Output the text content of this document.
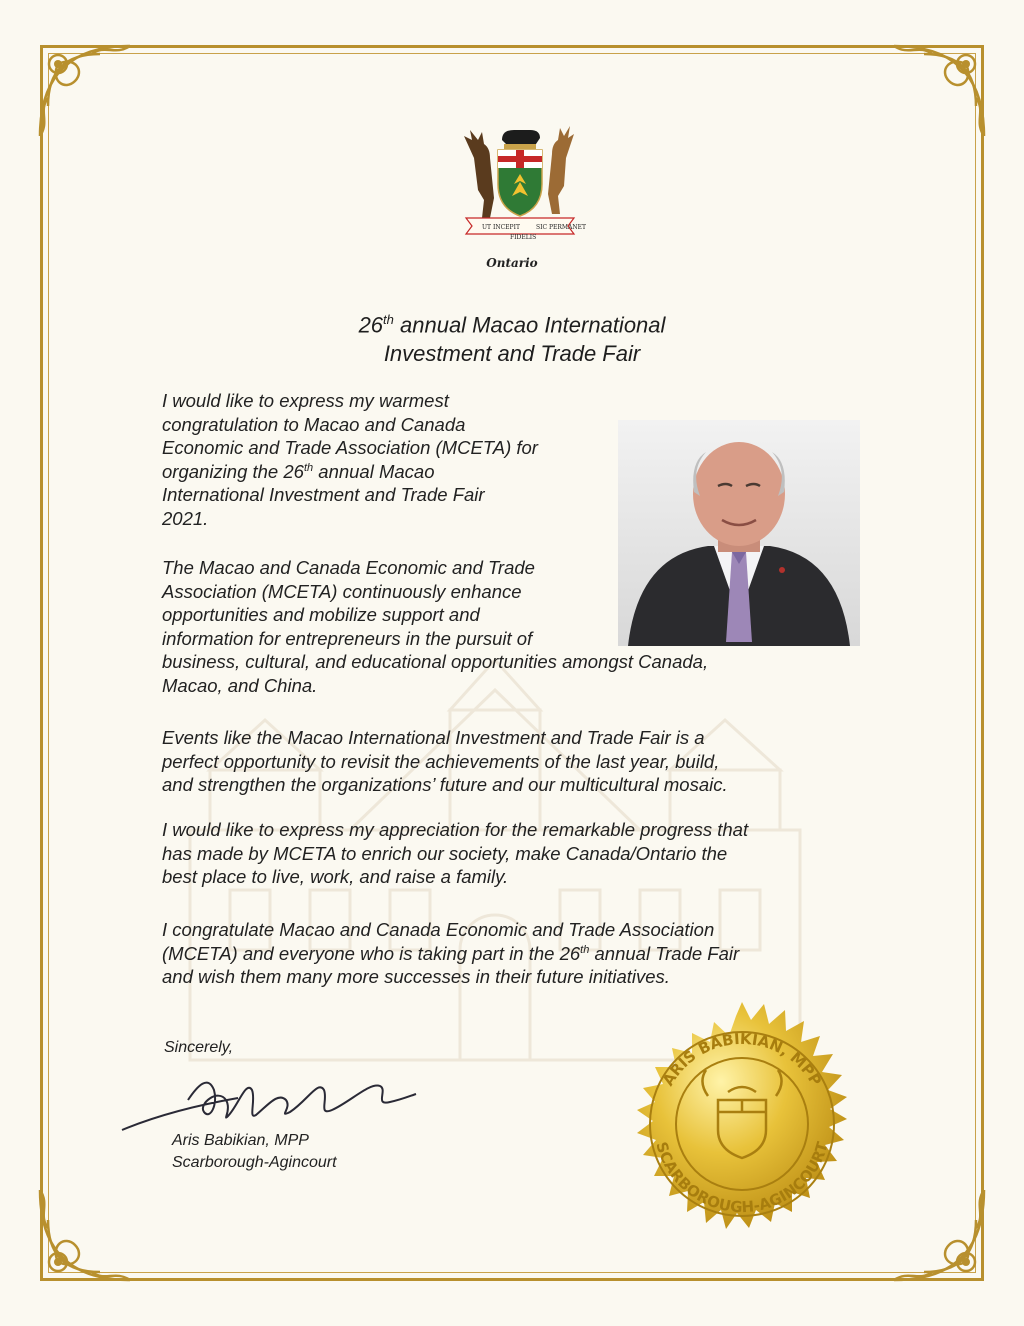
UT INCEPIT
FIDELIS
SIC PERMANET
Ontario
26th annual Macao International
Investment and Trade Fair
I would like to express my warmest
congratulation to Macao and Canada
Economic and Trade Association (MCETA) for
organizing the 26th annual Macao
International Investment and Trade Fair
2021.
The Macao and Canada Economic and Trade
Association (MCETA) continuously enhance
opportunities and mobilize support and
information for entrepreneurs in the pursuit of
business, cultural, and educational opportunities amongst Canada,
Macao, and China.
Events like the Macao International Investment and Trade Fair is a
perfect opportunity to revisit the achievements of the last year, build,
and strengthen the organizations’ future and our multicultural mosaic.
I would like to express my appreciation for the remarkable progress that
has made by MCETA to enrich our society, make Canada/Ontario the
best place to live, work, and raise a family.
I congratulate Macao and Canada Economic and Trade Association
(MCETA) and everyone who is taking part in the 26th annual Trade Fair
and wish them many more successes in their future initiatives.
Sincerely,
Aris Babikian, MPP
Scarborough-Agincourt
ARIS BABIKIAN, MPP
SCARBOROUGH-AGINCOURT
